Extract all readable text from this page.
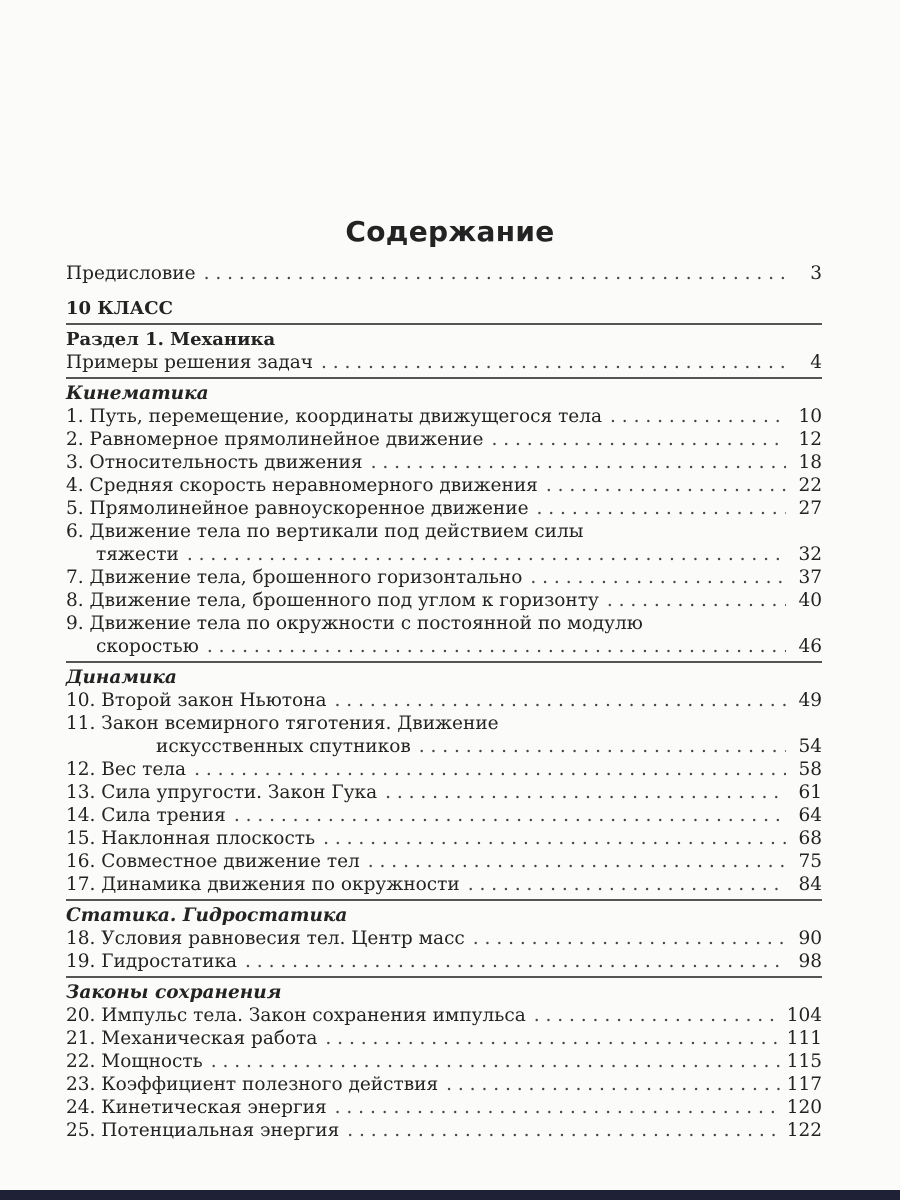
Содержание
Предисловие . . .	3
10 КЛАСС
Раздел 1. Механика
Примеры решения задач . . .	4
Кинематика
1. Путь, перемещение, координаты движущегося тела . . .	10
2. Равномерное прямолинейное движение . . .	12
3. Относительность движения . . .	18
4. Средняя скорость неравномерного движения . . .	22
5. Прямолинейное равноускоренное движение . . .	27
6. Движение тела по вертикали под действием силы
тяжести . . .	32
7. Движение тела, брошенного горизонтально . . .	37
8. Движение тела, брошенного под углом к горизонту . . .	40
9. Движение тела по окружности с постоянной по модулю
скоростью . . .	46
Динамика
10. Второй закон Ньютона . . .	49
11. Закон всемирного тяготения. Движение
искусственных спутников . . .	54
12. Вес тела . . .	58
13. Сила упругости. Закон Гука . . .	61
14. Сила трения . . .	64
15. Наклонная плоскость . . .	68
16. Совместное движение тел . . .	75
17. Динамика движения по окружности . . .	84
Статика. Гидростатика
18. Условия равновесия тел. Центр масс . . .	90
19. Гидростатика . . .	98
Законы сохранения
20. Импульс тела. Закон сохранения импульса . . .	104
21. Механическая работа . . .	111
22. Мощность . . .	115
23. Коэффициент полезного действия . . .	117
24. Кинетическая энергия . . .	120
25. Потенциальная энергия . . .	122
